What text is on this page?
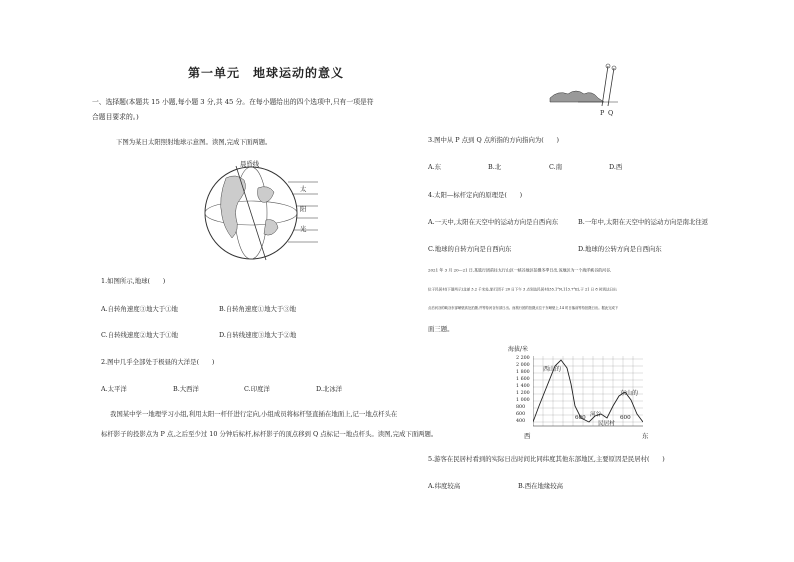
第一单元　地球运动的意义
一、选择题(本题共 15 小题,每小题 3 分,共 45 分。在每小题给出的四个选项中,只有一项是符
合题目要求的。)
下图为某日太阳照射地球示意图。读图,完成下面两题。
晨昏线
太
阳
光
1.如图所示,地球(　　)
A.自转角速度③地大于①地	B.自转角速度①地大于③地
C.自转线速度②地大于①地	D.自转线速度③地大于②地
2.图中几乎全部处于极昼的大洋是(　　)
A.太平洋	B.大西洋	C.印度洋	D.北冰洋
我国某中学一地理学习小组,利用太阳一杆仟进行定向,小组成员将标杆竖直插在地面上,记一地点杆头在
标杆影子的投影点为 P 点,之后至少过 10 分钟后标杆,标杆影子的顶点移到 Q 点标记一地点杆头。读图,完成下面两题。
P Q
3.图中从 P 点到 Q 点所指的方向指向为(　　)
A.东	B.北	C.南	D.西
4.太阳—标杆定向的原理是(　　)
A.一天中,太阳在天空中的运动方向是自西向东	B.一年中,太阳在天空中的运动方向是南北往返
C.地球的自转方向是自西向东	D.地球的公转方向是自西向东
2021 年 3 月 20—21 日,某旅行团前往太行山区一峡谷地区拍摄冬季日出,该地区为一个海洋峡谷的河谷,
位于民居村(下图所示)北部 3.2 千米处,旅行团于 20 日下午 3 点到达民居村(35.1°N,113.7°E),于 21 日 8 时到达日出
点后河谷的峡谷东部峭壁高处拍摄,并等待河谷东部日出。而旅行团的拍摄点位于东峭壁上,14 时日落前等待拍摄日出。据此完成下
面三题。
海拔/米
2 200
2 000
1 800
1 600
1 400
1 200
1 000
800
600
400
西山的
东山的
河谷
民居村
600	600
西	东
5.游客在民居村看到的实际日出时间比同纬度其他东部地区,主要原因是民居村(　　)
A.纬度较高	B.西在地缘较高
